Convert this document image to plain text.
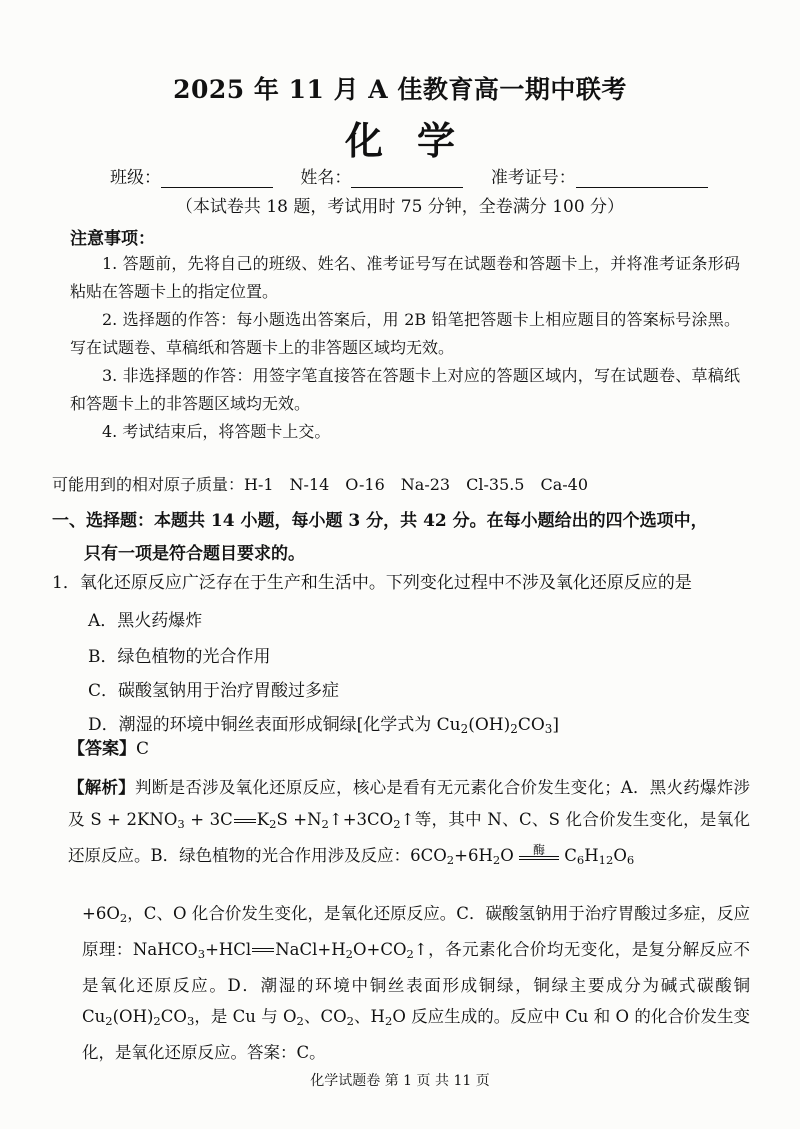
2025 年 11 月 A 佳教育高一期中联考
化学
班级：	姓名：	准考证号：
（本试卷共 18 题，考试用时 75 分钟，全卷满分 100 分）
注意事项：
1. 答题前，先将自己的班级、姓名、准考证号写在试题卷和答题卡上，并将准考证条形码粘贴在答题卡上的指定位置。
2. 选择题的作答：每小题选出答案后，用 2B 铅笔把答题卡上相应题目的答案标号涂黑。写在试题卷、草稿纸和答题卡上的非答题区域均无效。
3. 非选择题的作答：用签字笔直接答在答题卡上对应的答题区域内，写在试题卷、草稿纸和答题卡上的非答题区域均无效。
4. 考试结束后，将答题卡上交。
可能用到的相对原子质量：H-1　N-14　O-16　Na-23　Cl-35.5　Ca-40
一、选择题：本题共 14 小题，每小题 3 分，共 42 分。在每小题给出的四个选项中，
只有一项是符合题目要求的。
1．氧化还原反应广泛存在于生产和生活中。下列变化过程中不涉及氧化还原反应的是
A．黑火药爆炸
B．绿色植物的光合作用
C．碳酸氢钠用于治疗胃酸过多症
D．潮湿的环境中铜丝表面形成铜绿[化学式为 $Cu_2(OH)_2CO_3$]
【答案】C
【解析】判断是否涉及氧化还原反应，核心是看有无元素化合价发生变化；A．黑火药爆炸涉及 $S + 2KNO_3 + 3C$ $K_2S$ $+N_2↑+3CO_2↑$等，其中 N、C、S 化合价发生变化，是氧化还原反应。B．绿色植物的光合作用涉及反应：$6CO_2+6H_2O$	酶 $C_6H_{12}O_6$
$+6O_2$，C、O 化合价发生变化，是氧化还原反应。C．碳酸氢钠用于治疗胃酸过多症，反应原理：NaHCO$_3$+HCl $NaCl+H_2O+CO_2↑$，各元素化合价均无变化，是复分解反应不是氧化还原反应。D．潮湿的环境中铜丝表面形成铜绿，铜绿主要成分为碱式碳酸铜 $Cu_2(OH)_2CO_3$，是 Cu 与 $O_2$、$CO_2$、$H_2O$ 反应生成的。反应中 Cu 和 O 的化合价发生变化，是氧化还原反应。答案：C。
化学试题卷 第 1 页 共 11 页
